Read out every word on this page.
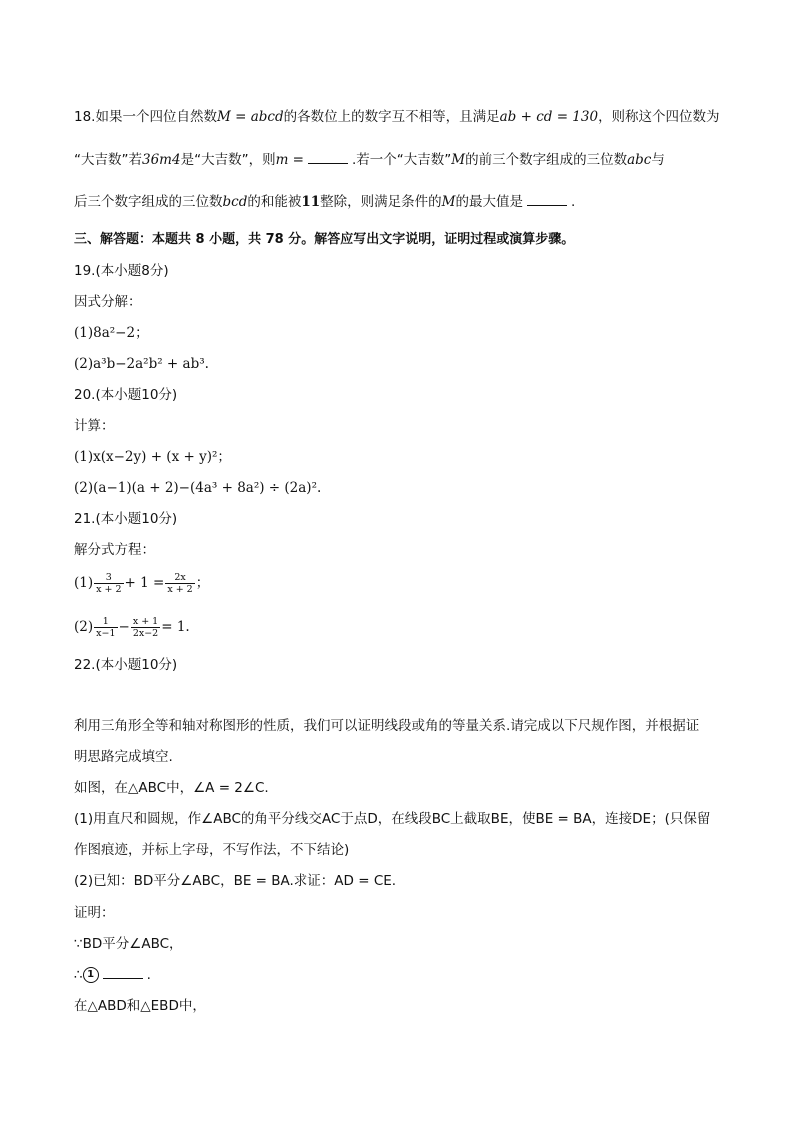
18.如果一个四位自然数M = abcd的各数位上的数字互不相等，且满足ab + cd = 130，则称这个四位数为
“大吉数”若36m4是“大吉数”，则m =	.若一个“大吉数”M的前三个数字组成的三位数abc与
后三个数字组成的三位数bcd的和能被11整除，则满足条件的M的最大值是	.
三、解答题：本题共 8 小题，共 78 分。解答应写出文字说明，证明过程或演算步骤。
19.(本小题8分)
因式分解：
(1)8a²−2；
(2)a³b−2a²b² + ab³.
20.(本小题10分)
计算：
(1)x(x−2y) + (x + y)²；
(2)(a−1)(a + 2)−(4a³ + 8a²) ÷ (2a)².
21.(本小题10分)
解分式方程：
$(1) \frac{3}{x + 2} + 1 = \frac{2x}{x + 2}$ ；
$(2) \frac{1}{x-1} - \frac{x + 1}{2x-2} = 1$.
22.(本小题10分)
利用三角形全等和轴对称图形的性质，我们可以证明线段或角的等量关系.请完成以下尺规作图，并根据证
明思路完成填空.
如图，在△ABC中，∠A = 2∠C.
(1)用直尺和圆规，作∠ABC的角平分线交AC于点D，在线段BC上截取BE，使BE = BA，连接DE；(只保留
作图痕迹，并标上字母，不写作法，不下结论)
(2)已知：BD平分∠ABC，BE = BA.求证：AD = CE.
证明：
∵BD平分∠ABC，
∴ 1	.
在△ABD和△EBD中，
